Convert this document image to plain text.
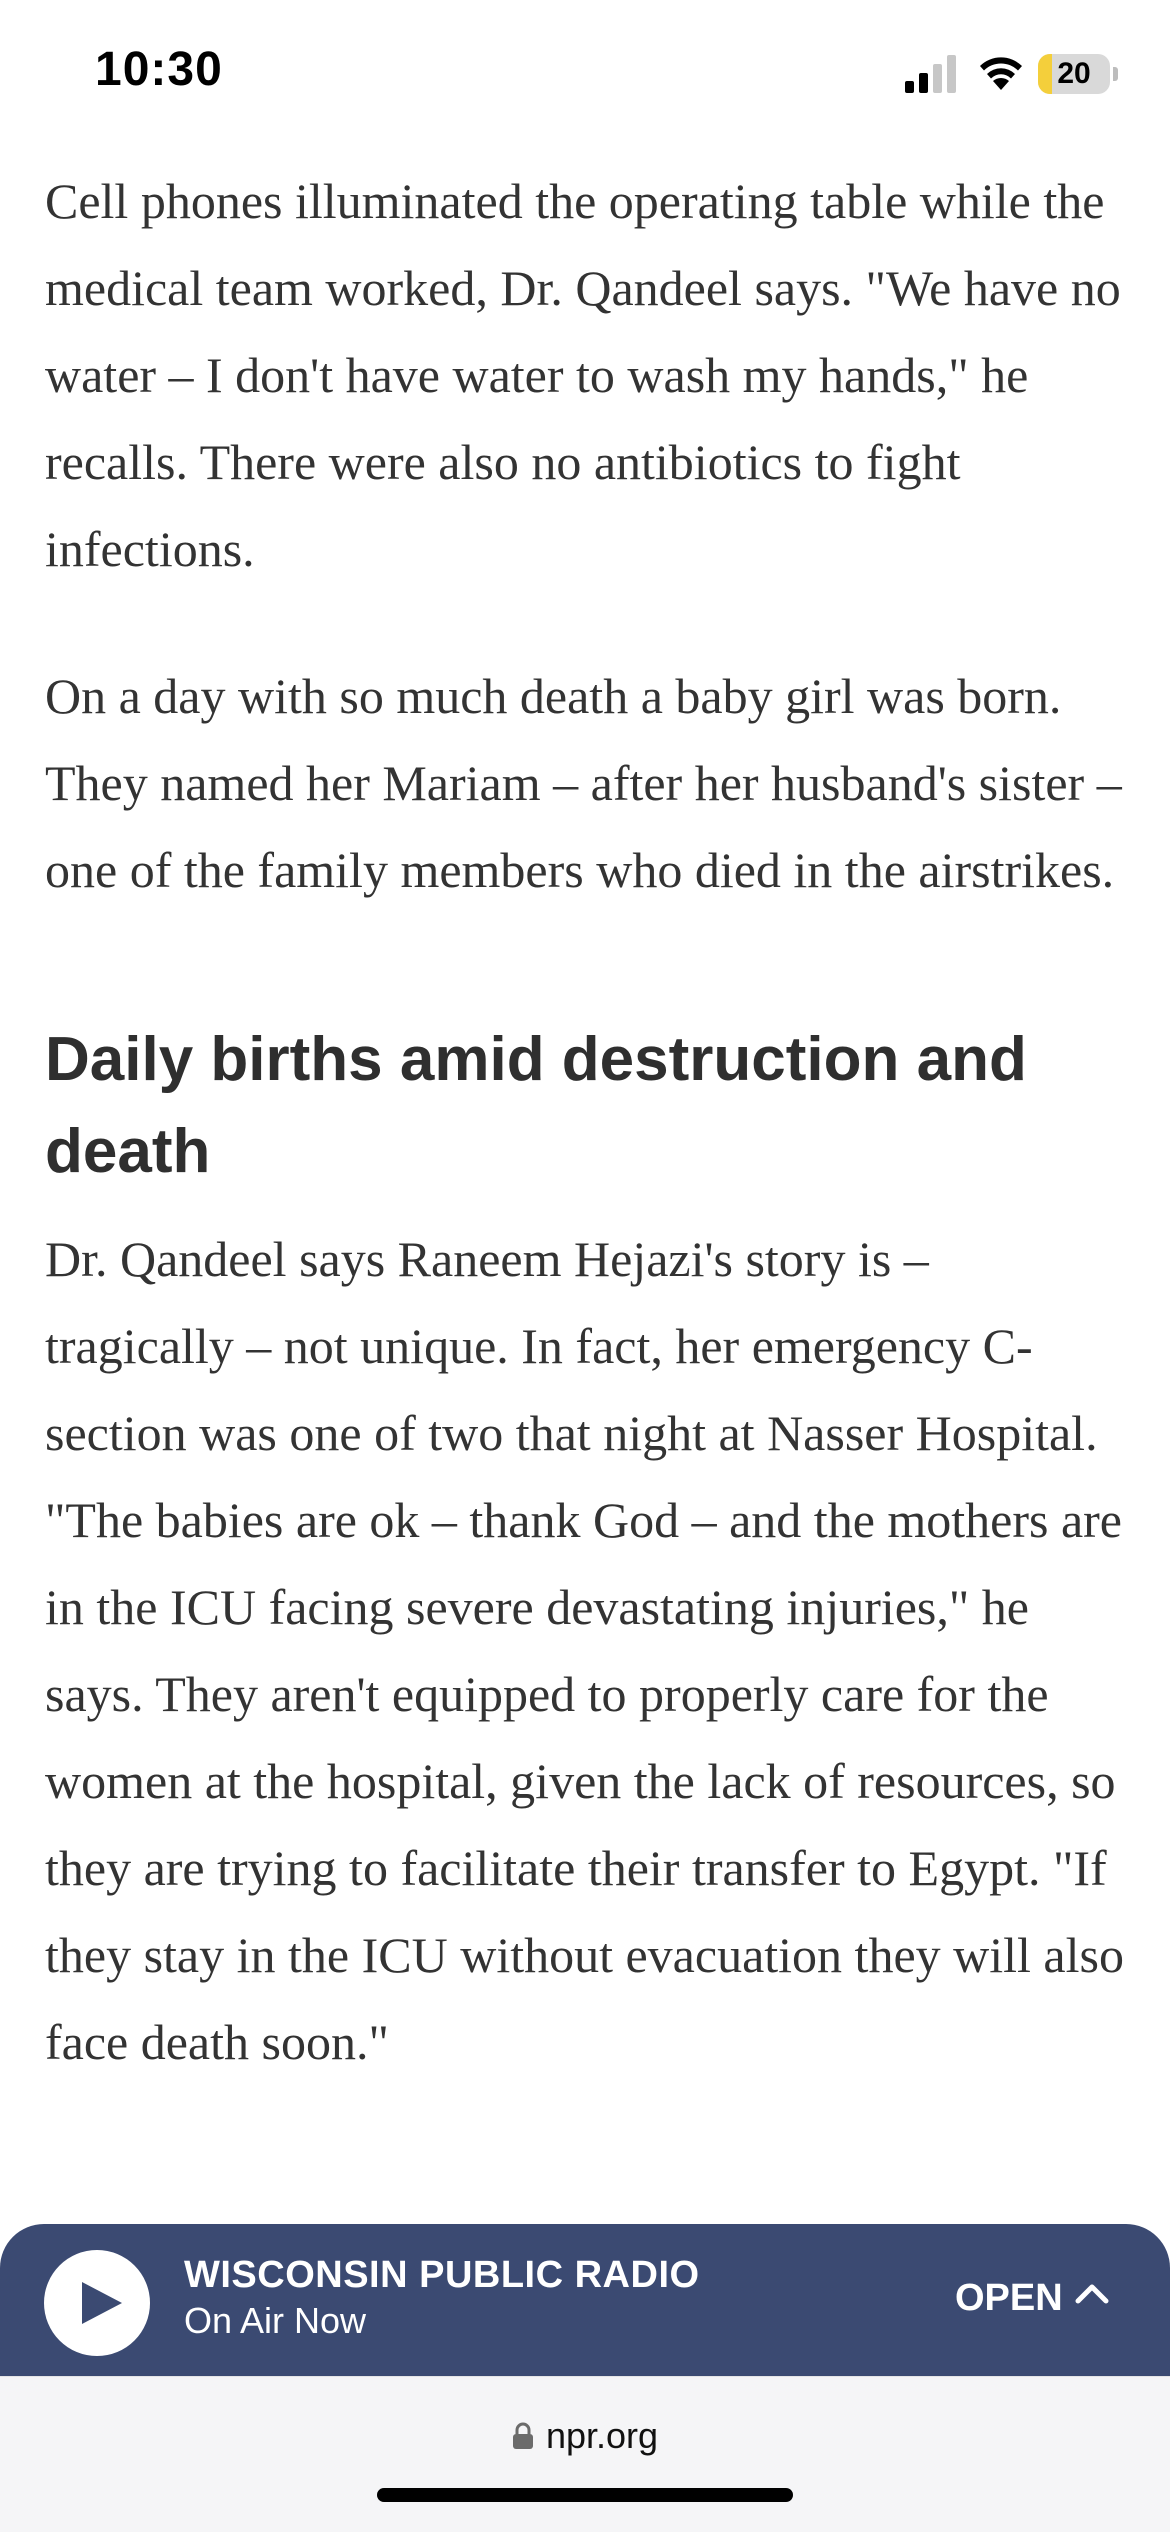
10:30	20

Cell phones illuminated the operating table while the medical team worked, Dr. Qandeel says. "We have no water – I don't have water to wash my hands," he recalls. There were also no antibiotics to fight infections.

On a day with so much death a baby girl was born. They named her Mariam – after her husband's sister – one of the family members who died in the airstrikes.

Daily births amid destruction and death

Dr. Qandeel says Raneem Hejazi's story is – tragically – not unique. In fact, her emergency C-section was one of two that night at Nasser Hospital. "The babies are ok – thank God – and the mothers are in the ICU facing severe devastating injuries," he says. They aren't equipped to properly care for the women at the hospital, given the lack of resources, so they are trying to facilitate their transfer to Egypt. "If they stay in the ICU without evacuation they will also face death soon."

WISCONSIN PUBLIC RADIO
On Air Now
OPEN
npr.org
